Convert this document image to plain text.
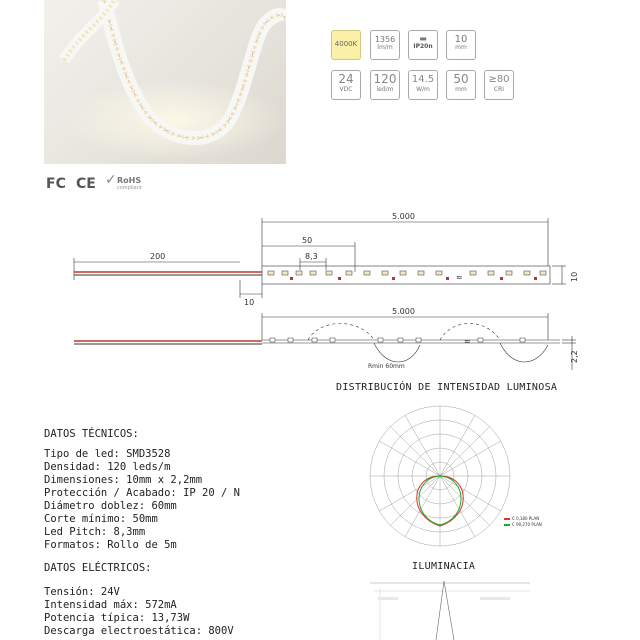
4000K	1356
lm/m
▬
IP20n
10
mm
24
VDC
120
led/m
14.5
W/m
50
mm
≥80
CRI
FC CE ✓ RoHS
compliant
≈
≈
5.000
50
8,3
200
10
10
5.000
2,2
Rmin 60mm
DISTRIBUCIÓN DE INTENSIDAD LUMINOSA
C 0,180 PLAN
C 90,270 PLAN
DATOS TÉCNICOS:
Tipo de led: SMD3528
Densidad: 120 leds/m
Dimensiones: 10mm x 2,2mm
Protección / Acabado: IP 20 / N
Diámetro doblez: 60mm
Corte mínimo: 50mm
Led Pitch: 8,3mm
Formatos: Rollo de 5m
DATOS ELÉCTRICOS:
Tensión: 24V
Intensidad máx: 572mA
Potencia típica: 13,73W
Descarga electroestática: 800V
ILUMINACIA
